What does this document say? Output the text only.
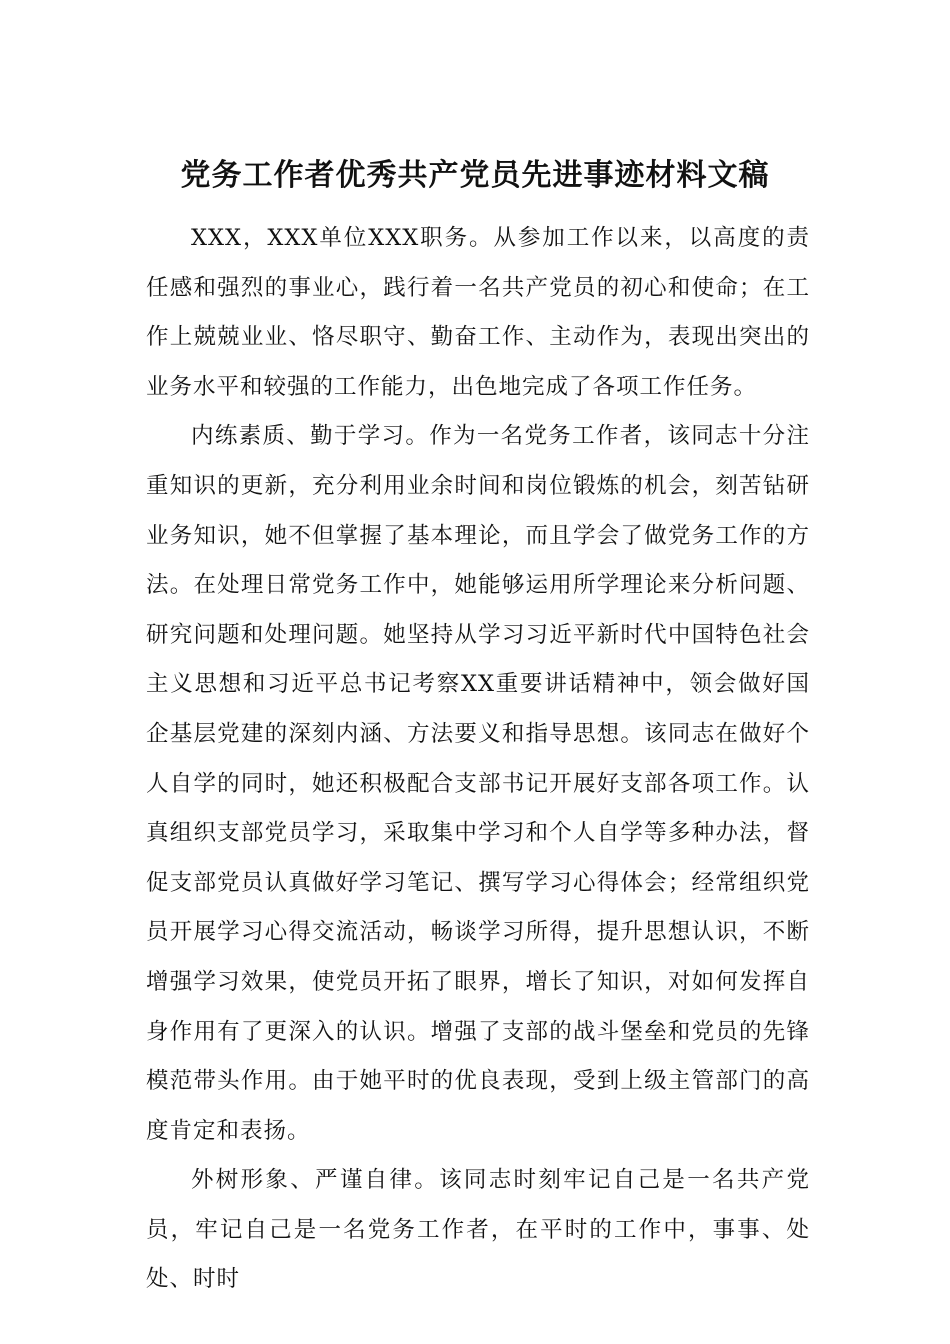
党务工作者优秀共产党员先进事迹材料文稿

XXX，XXX单位XXX职务。从参加工作以来，以高度的责任感和强烈的事业心，践行着一名共产党员的初心和使命；在工作上兢兢业业、恪尽职守、勤奋工作、主动作为，表现出突出的业务水平和较强的工作能力，出色地完成了各项工作任务。

内练素质、勤于学习。作为一名党务工作者，该同志十分注重知识的更新，充分利用业余时间和岗位锻炼的机会，刻苦钻研业务知识，她不但掌握了基本理论，而且学会了做党务工作的方法。在处理日常党务工作中，她能够运用所学理论来分析问题、研究问题和处理问题。她坚持从学习习近平新时代中国特色社会主义思想和习近平总书记考察XX重要讲话精神中，领会做好国企基层党建的深刻内涵、方法要义和指导思想。该同志在做好个人自学的同时，她还积极配合支部书记开展好支部各项工作。认真组织支部党员学习，采取集中学习和个人自学等多种办法，督促支部党员认真做好学习笔记、撰写学习心得体会；经常组织党员开展学习心得交流活动，畅谈学习所得，提升思想认识，不断增强学习效果，使党员开拓了眼界，增长了知识，对如何发挥自身作用有了更深入的认识。增强了支部的战斗堡垒和党员的先锋模范带头作用。由于她平时的优良表现，受到上级主管部门的高度肯定和表扬。

外树形象、严谨自律。该同志时刻牢记自己是一名共产党员，牢记自己是一名党务工作者，在平时的工作中，事事、处处、时时
